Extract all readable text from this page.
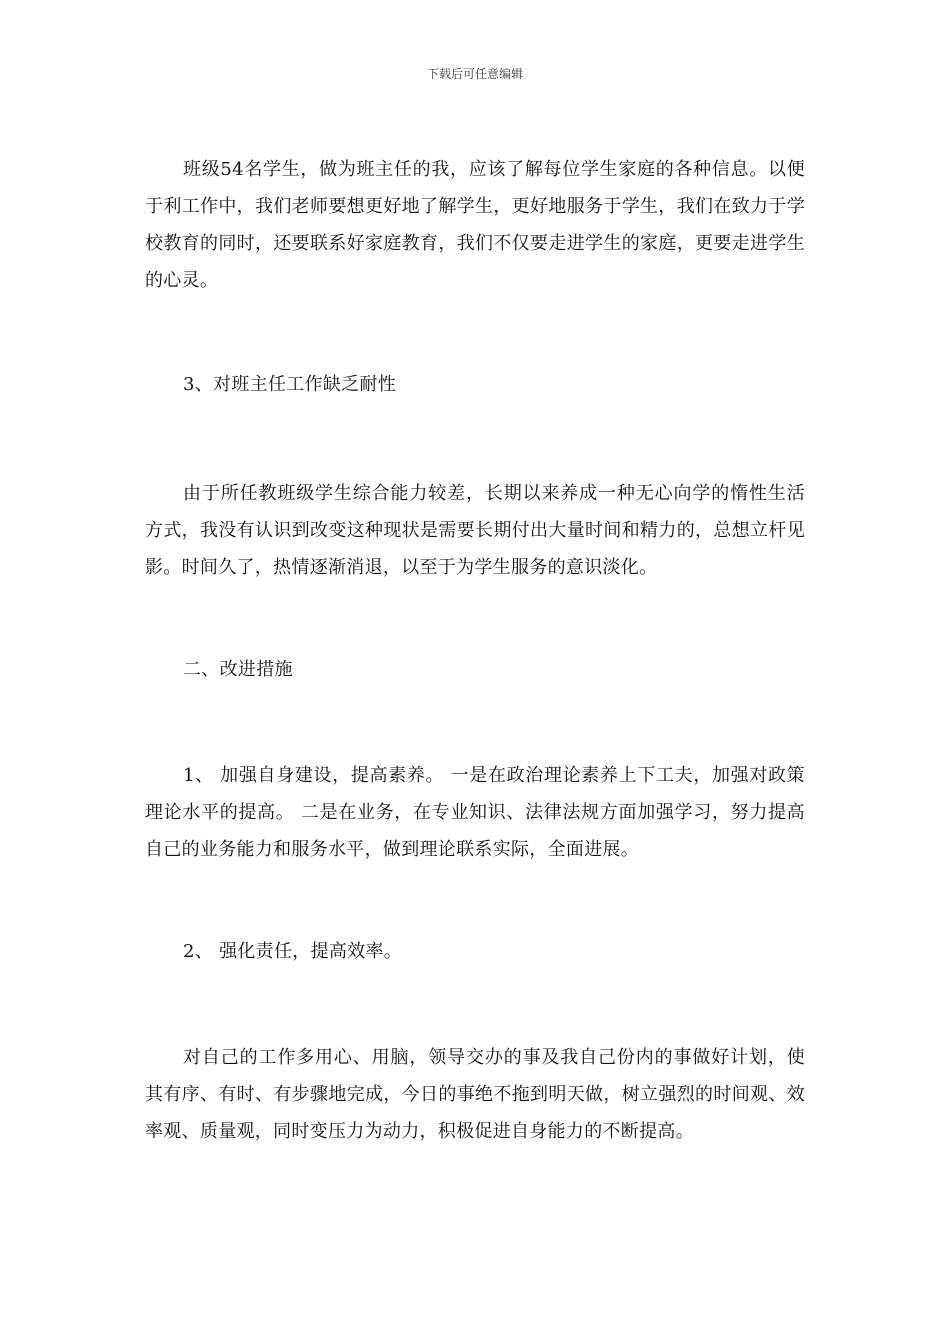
下载后可任意编辑

班级54名学生，做为班主任的我，应该了解每位学生家庭的各种信息。以便于利工作中，我们老师要想更好地了解学生，更好地服务于学生，我们在致力于学校教育的同时，还要联系好家庭教育，我们不仅要走进学生的家庭，更要走进学生的心灵。

3、对班主任工作缺乏耐性

由于所任教班级学生综合能力较差，长期以来养成一种无心向学的惰性生活方式，我没有认识到改变这种现状是需要长期付出大量时间和精力的，总想立杆见影。时间久了，热情逐渐消退，以至于为学生服务的意识淡化。

二、改进措施

1、 加强自身建设，提高素养。 一是在政治理论素养上下工夫，加强对政策理论水平的提高。 二是在业务，在专业知识、法律法规方面加强学习，努力提高自己的业务能力和服务水平，做到理论联系实际，全面进展。

2、 强化责任，提高效率。

对自己的工作多用心、用脑，领导交办的事及我自己份内的事做好计划，使其有序、有时、有步骤地完成，今日的事绝不拖到明天做，树立强烈的时间观、效率观、质量观，同时变压力为动力，积极促进自身能力的不断提高。
